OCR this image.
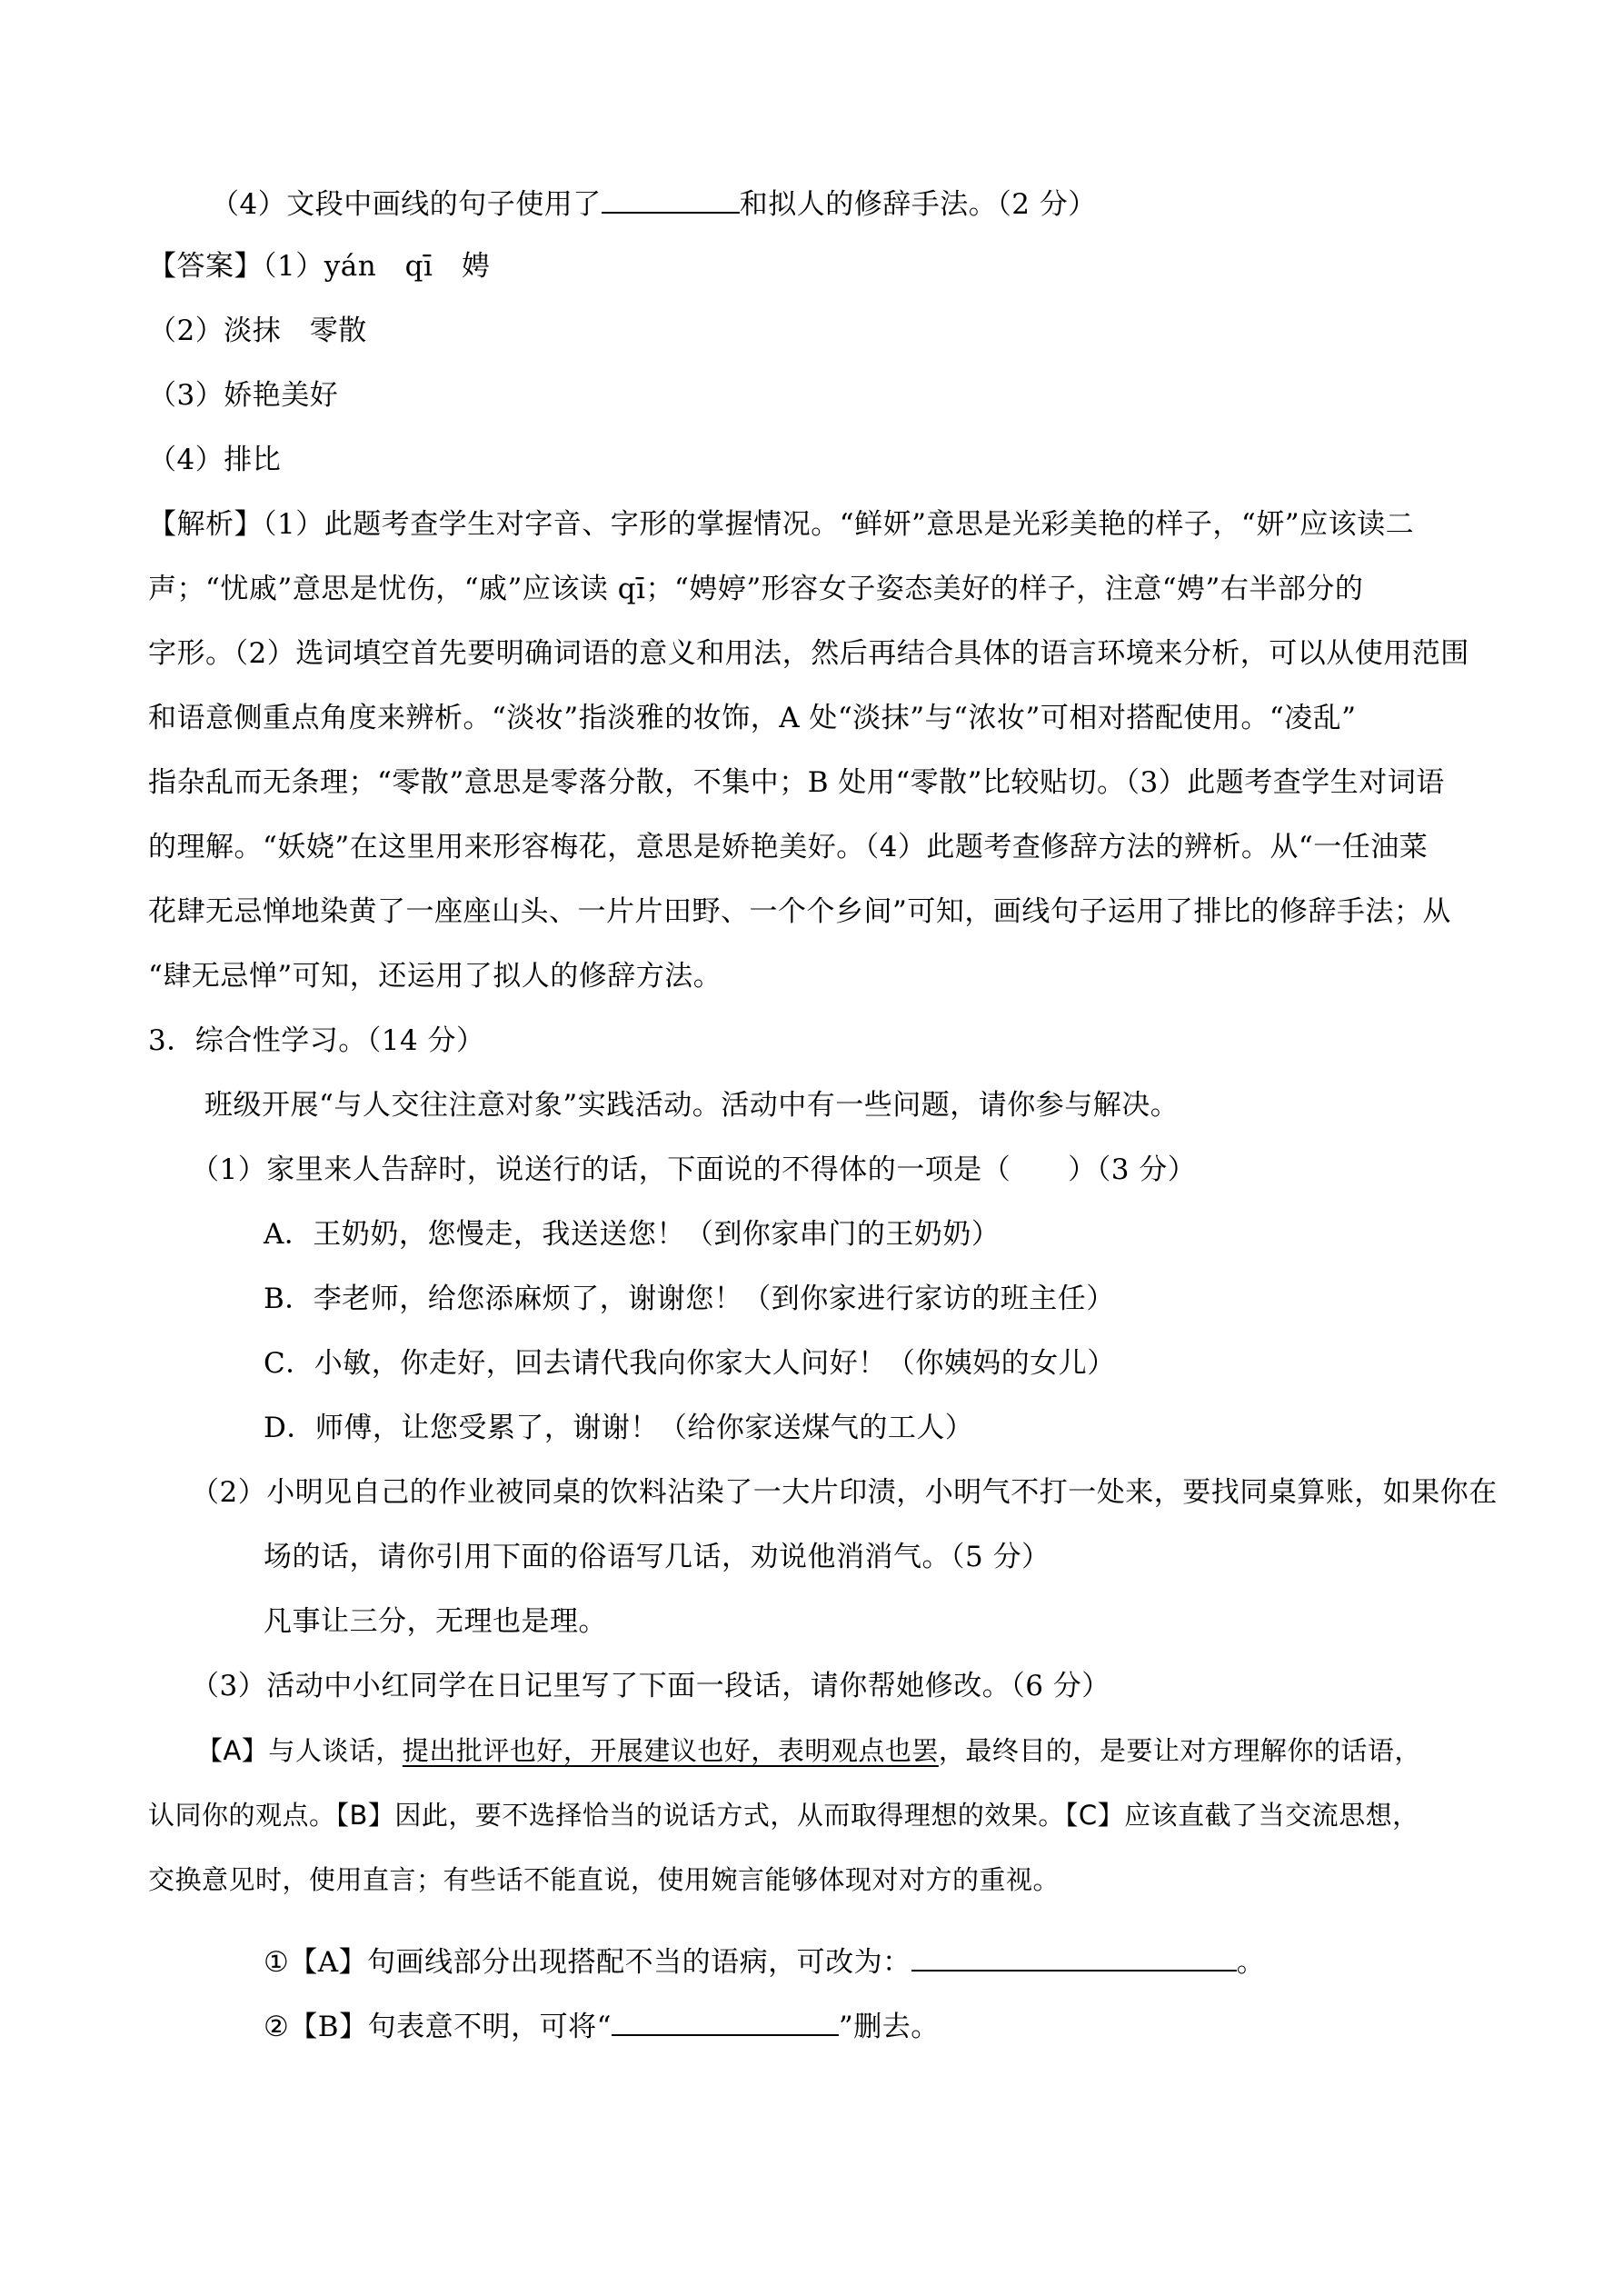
（4）文段中画线的句子使用了	和拟人的修辞手法。（2 分）
【答案】（1）yán　qī　娉
（2）淡抹　零散
（3）娇艳美好
（4）排比
【解析】（1）此题考查学生对字音、字形的掌握情况。“鲜妍”意思是光彩美艳的样子，“妍”应该读二
声；“忧戚”意思是忧伤，“戚”应该读 qī；“娉婷”形容女子姿态美好的样子，注意“娉”右半部分的
字形。（2）选词填空首先要明确词语的意义和用法，然后再结合具体的语言环境来分析，可以从使用范围
和语意侧重点角度来辨析。“淡妆”指淡雅的妆饰，A 处“淡抹”与“浓妆”可相对搭配使用。“凌乱”
指杂乱而无条理；“零散”意思是零落分散，不集中；B 处用“零散”比较贴切。（3）此题考查学生对词语
的理解。“妖娆”在这里用来形容梅花，意思是娇艳美好。（4）此题考查修辞方法的辨析。从“一任油菜
花肆无忌惮地染黄了一座座山头、一片片田野、一个个乡间”可知，画线句子运用了排比的修辞手法；从
“肆无忌惮”可知，还运用了拟人的修辞方法。
3．综合性学习。（14 分）
班级开展“与人交往注意对象”实践活动。活动中有一些问题，请你参与解决。
（1）家里来人告辞时，说送行的话，下面说的不得体的一项是（　　）（3 分）
A．王奶奶，您慢走，我送送您！（到你家串门的王奶奶）
B．李老师，给您添麻烦了，谢谢您！（到你家进行家访的班主任）
C．小敏，你走好，回去请代我向你家大人问好！（你姨妈的女儿）
D．师傅，让您受累了，谢谢！（给你家送煤气的工人）
（2）小明见自己的作业被同桌的饮料沾染了一大片印渍，小明气不打一处来，要找同桌算账，如果你在
场的话，请你引用下面的俗语写几话，劝说他消消气。（5 分）
凡事让三分，无理也是理。
（3）活动中小红同学在日记里写了下面一段话，请你帮她修改。（6 分）
【A】与人谈话，提出批评也好，开展建议也好，表明观点也罢，最终目的，是要让对方理解你的话语，
认同你的观点。【B】因此，要不选择恰当的说话方式，从而取得理想的效果。【C】应该直截了当交流思想，
交换意见时，使用直言；有些话不能直说，使用婉言能够体现对对方的重视。
①【A】句画线部分出现搭配不当的语病，可改为：	。
②【B】句表意不明，可将“	”删去。
